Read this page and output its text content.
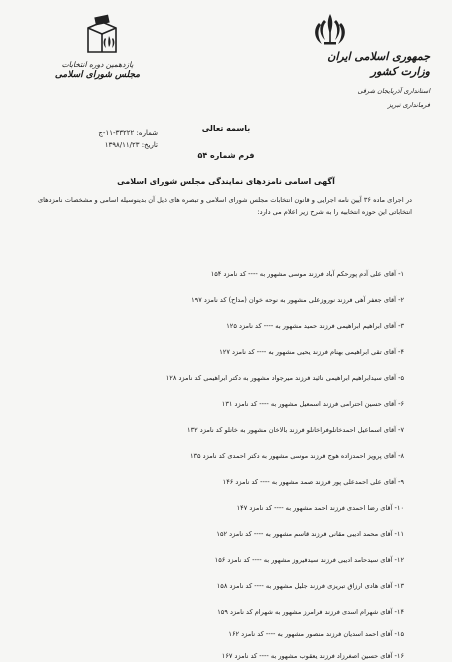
جمهوری اسلامی ایران
وزارت کشور
استانداری آذربایجان شرقی
فرمانداری تبریز
یازدهمین دوره انتخابات
مجلس شورای اسلامی
شماره: ۳۳۲۲۲-۱۱-ج
تاریخ: ۱۳۹۸/۱۱/۲۳
باسمه تعالی
فرم شماره ۵۴
آگهی اسامی نامزدهای نمایندگی مجلس شورای اسلامی
در اجرای ماده ۳۶ آیین نامه اجرایی و قانون انتخابات مجلس شورای اسلامی و تبصره های ذیل آن بدینوسیله اسامی و مشخصات نامزدهای انتخاباتی این حوزه انتخابیه را به شرح زیر اعلام می دارد:
۱- آقای علی آدم پورحکم آباد فرزند موسی مشهور به ---- کد نامزد ۱۵۴
۲- آقای جعفر آهی فرزند نوروزعلی مشهور به نوحه خوان (مداح) کد نامزد ۱۹۷
۳- آقای ابراهیم ابراهیمی فرزند حمید مشهور به ---- کد نامزد ۱۲۵
۴- آقای تقی ابراهیمی بهنام فرزند یحیی مشهور به ---- کد نامزد ۱۲۷
۵- آقای سیدابراهیم ابراهیمی نائید فرزند میرجواد مشهور به دکتر ابراهیمی کد نامزد ۱۲۸
۶- آقای حسین احترامی فرزند اسمعیل مشهور به ---- کد نامزد ۱۳۱
۷- آقای اسماعیل احمدخانلوفراخانلو فرزند بالاخان مشهور به خانلو کد نامزد ۱۳۲
۸- آقای پرویز احمدزاده هوج فرزند موسی مشهور به دکتر احمدی کد نامزد ۱۳۵
۹- آقای علی احمدعلی پور فرزند صمد مشهور به ---- کد نامزد ۱۴۶
۱۰- آقای رضا احمدی فرزند احمد مشهور به ---- کد نامزد ۱۴۷
۱۱- آقای محمد ادیبی مقانی فرزند قاسم مشهور به ---- کد نامزد ۱۵۲
۱۲- آقای سیدحامد ادیبی فرزند سیدفیروز مشهور به ---- کد نامزد ۱۵۶
۱۳- آقای هادی ارزاق تبریزی فرزند جلیل مشهور به ---- کد نامزد ۱۵۸
۱۴- آقای شهرام اسدی فرزند فرامرز مشهور به شهرام کد نامزد ۱۵۹
۱۵- آقای احمد اسدیان فرزند منصور مشهور به ---- کد نامزد ۱۶۲
۱۶- آقای حسین اصغرزاد فرزند یعقوب مشهور به ---- کد نامزد ۱۶۷
